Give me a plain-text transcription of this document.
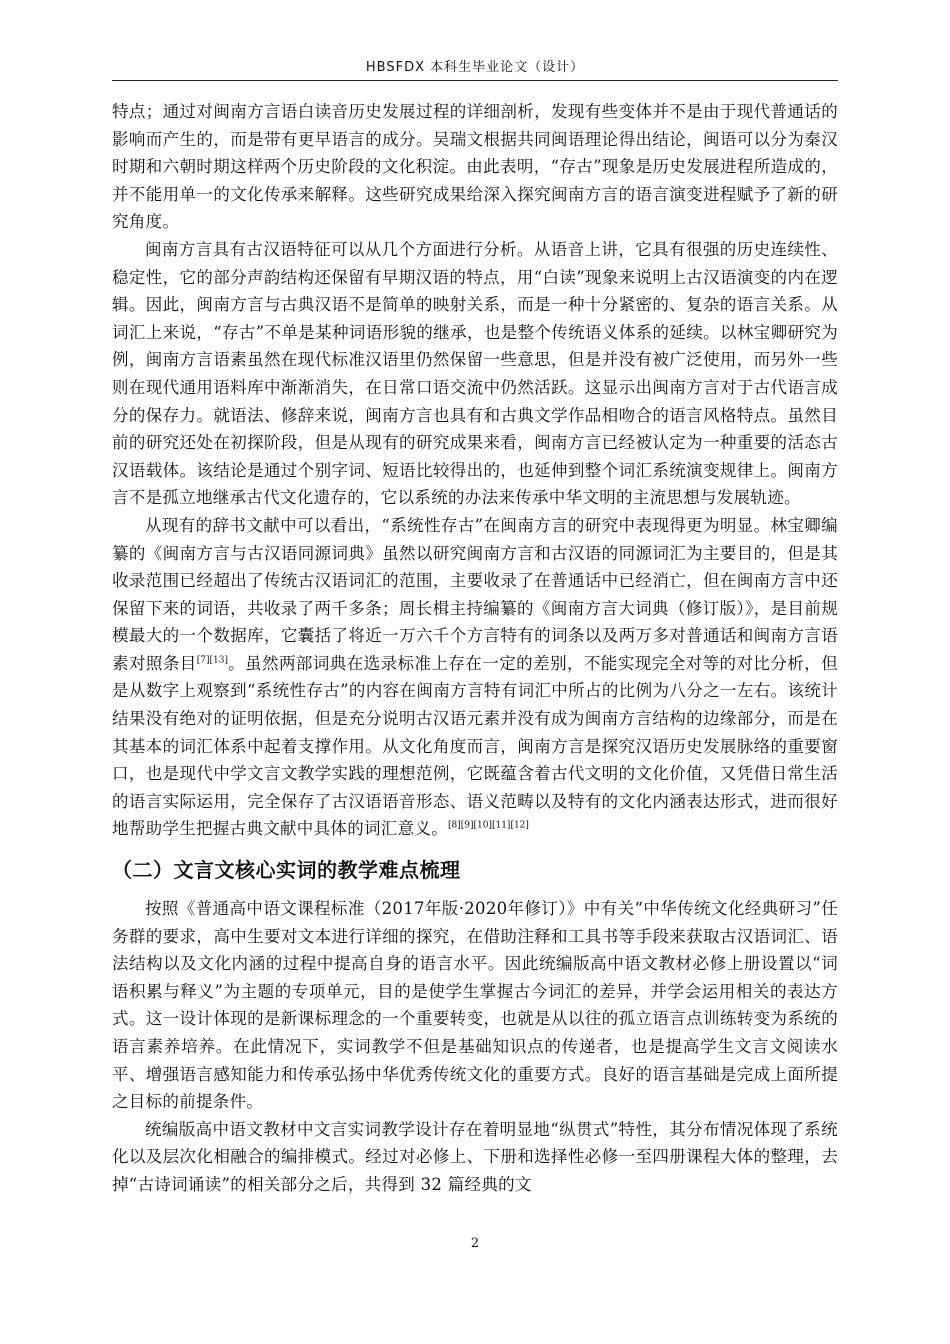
HBSFDX 本科生毕业论文（设计）

特点；通过对闽南方言语白读音历史发展过程的详细剖析，发现有些变体并不是由于现代普通话的影响而产生的，而是带有更早语言的成分。吴瑞文根据共同闽语理论得出结论，闽语可以分为秦汉时期和六朝时期这样两个历史阶段的文化积淀。由此表明，“存古”现象是历史发展进程所造成的，并不能用单一的文化传承来解释。这些研究成果给深入探究闽南方言的语言演变进程赋予了新的研究角度。

闽南方言具有古汉语特征可以从几个方面进行分析。从语音上讲，它具有很强的历史连续性、稳定性，它的部分声韵结构还保留有早期汉语的特点，用“白读”现象来说明上古汉语演变的内在逻辑。因此，闽南方言与古典汉语不是简单的映射关系，而是一种十分紧密的、复杂的语言关系。从词汇上来说，“存古”不单是某种词语形貌的继承，也是整个传统语义体系的延续。以林宝卿研究为例，闽南方言语素虽然在现代标准汉语里仍然保留一些意思，但是并没有被广泛使用，而另外一些则在现代通用语料库中渐渐消失，在日常口语交流中仍然活跃。这显示出闽南方言对于古代语言成分的保存力。就语法、修辞来说，闽南方言也具有和古典文学作品相吻合的语言风格特点。虽然目前的研究还处在初探阶段，但是从现有的研究成果来看，闽南方言已经被认定为一种重要的活态古汉语载体。该结论是通过个别字词、短语比较得出的，也延伸到整个词汇系统演变规律上。闽南方言不是孤立地继承古代文化遗存的，它以系统的办法来传承中华文明的主流思想与发展轨迹。

从现有的辞书文献中可以看出，“系统性存古”在闽南方言的研究中表现得更为明显。林宝卿编纂的《闽南方言与古汉语同源词典》虽然以研究闽南方言和古汉语的同源词汇为主要目的，但是其收录范围已经超出了传统古汉语词汇的范围，主要收录了在普通话中已经消亡，但在闽南方言中还保留下来的词语，共收录了两千多条；周长楫主持编纂的《闽南方言大词典（修订版）》，是目前规模最大的一个数据库，它囊括了将近一万六千个方言特有的词条以及两万多对普通话和闽南方言语素对照条目[7][13]。虽然两部词典在选录标准上存在一定的差别，不能实现完全对等的对比分析，但是从数字上观察到“系统性存古”的内容在闽南方言特有词汇中所占的比例为八分之一左右。该统计结果没有绝对的证明依据，但是充分说明古汉语元素并没有成为闽南方言结构的边缘部分，而是在其基本的词汇体系中起着支撑作用。从文化角度而言，闽南方言是探究汉语历史发展脉络的重要窗口，也是现代中学文言文教学实践的理想范例，它既蕴含着古代文明的文化价值，又凭借日常生活的语言实际运用，完全保存了古汉语语音形态、语义范畴以及特有的文化内涵表达形式，进而很好地帮助学生把握古典文献中具体的词汇意义。[8][9][10][11][12]

（二）文言文核心实词的教学难点梳理

按照《普通高中语文课程标准（2017年版·2020年修订）》中有关“中华传统文化经典研习”任务群的要求，高中生要对文本进行详细的探究，在借助注释和工具书等手段来获取古汉语词汇、语法结构以及文化内涵的过程中提高自身的语言水平。因此统编版高中语文教材必修上册设置以“词语积累与释义”为主题的专项单元，目的是使学生掌握古今词汇的差异，并学会运用相关的表达方式。这一设计体现的是新课标理念的一个重要转变，也就是从以往的孤立语言点训练转变为系统的语言素养培养。在此情况下，实词教学不但是基础知识点的传递者，也是提高学生文言文阅读水平、增强语言感知能力和传承弘扬中华优秀传统文化的重要方式。良好的语言基础是完成上面所提之目标的前提条件。

统编版高中语文教材中文言实词教学设计存在着明显地“纵贯式”特性，其分布情况体现了系统化以及层次化相融合的编排模式。经过对必修上、下册和选择性必修一至四册课程大体的整理，去掉“古诗词诵读”的相关部分之后，共得到 32 篇经典的文

2
